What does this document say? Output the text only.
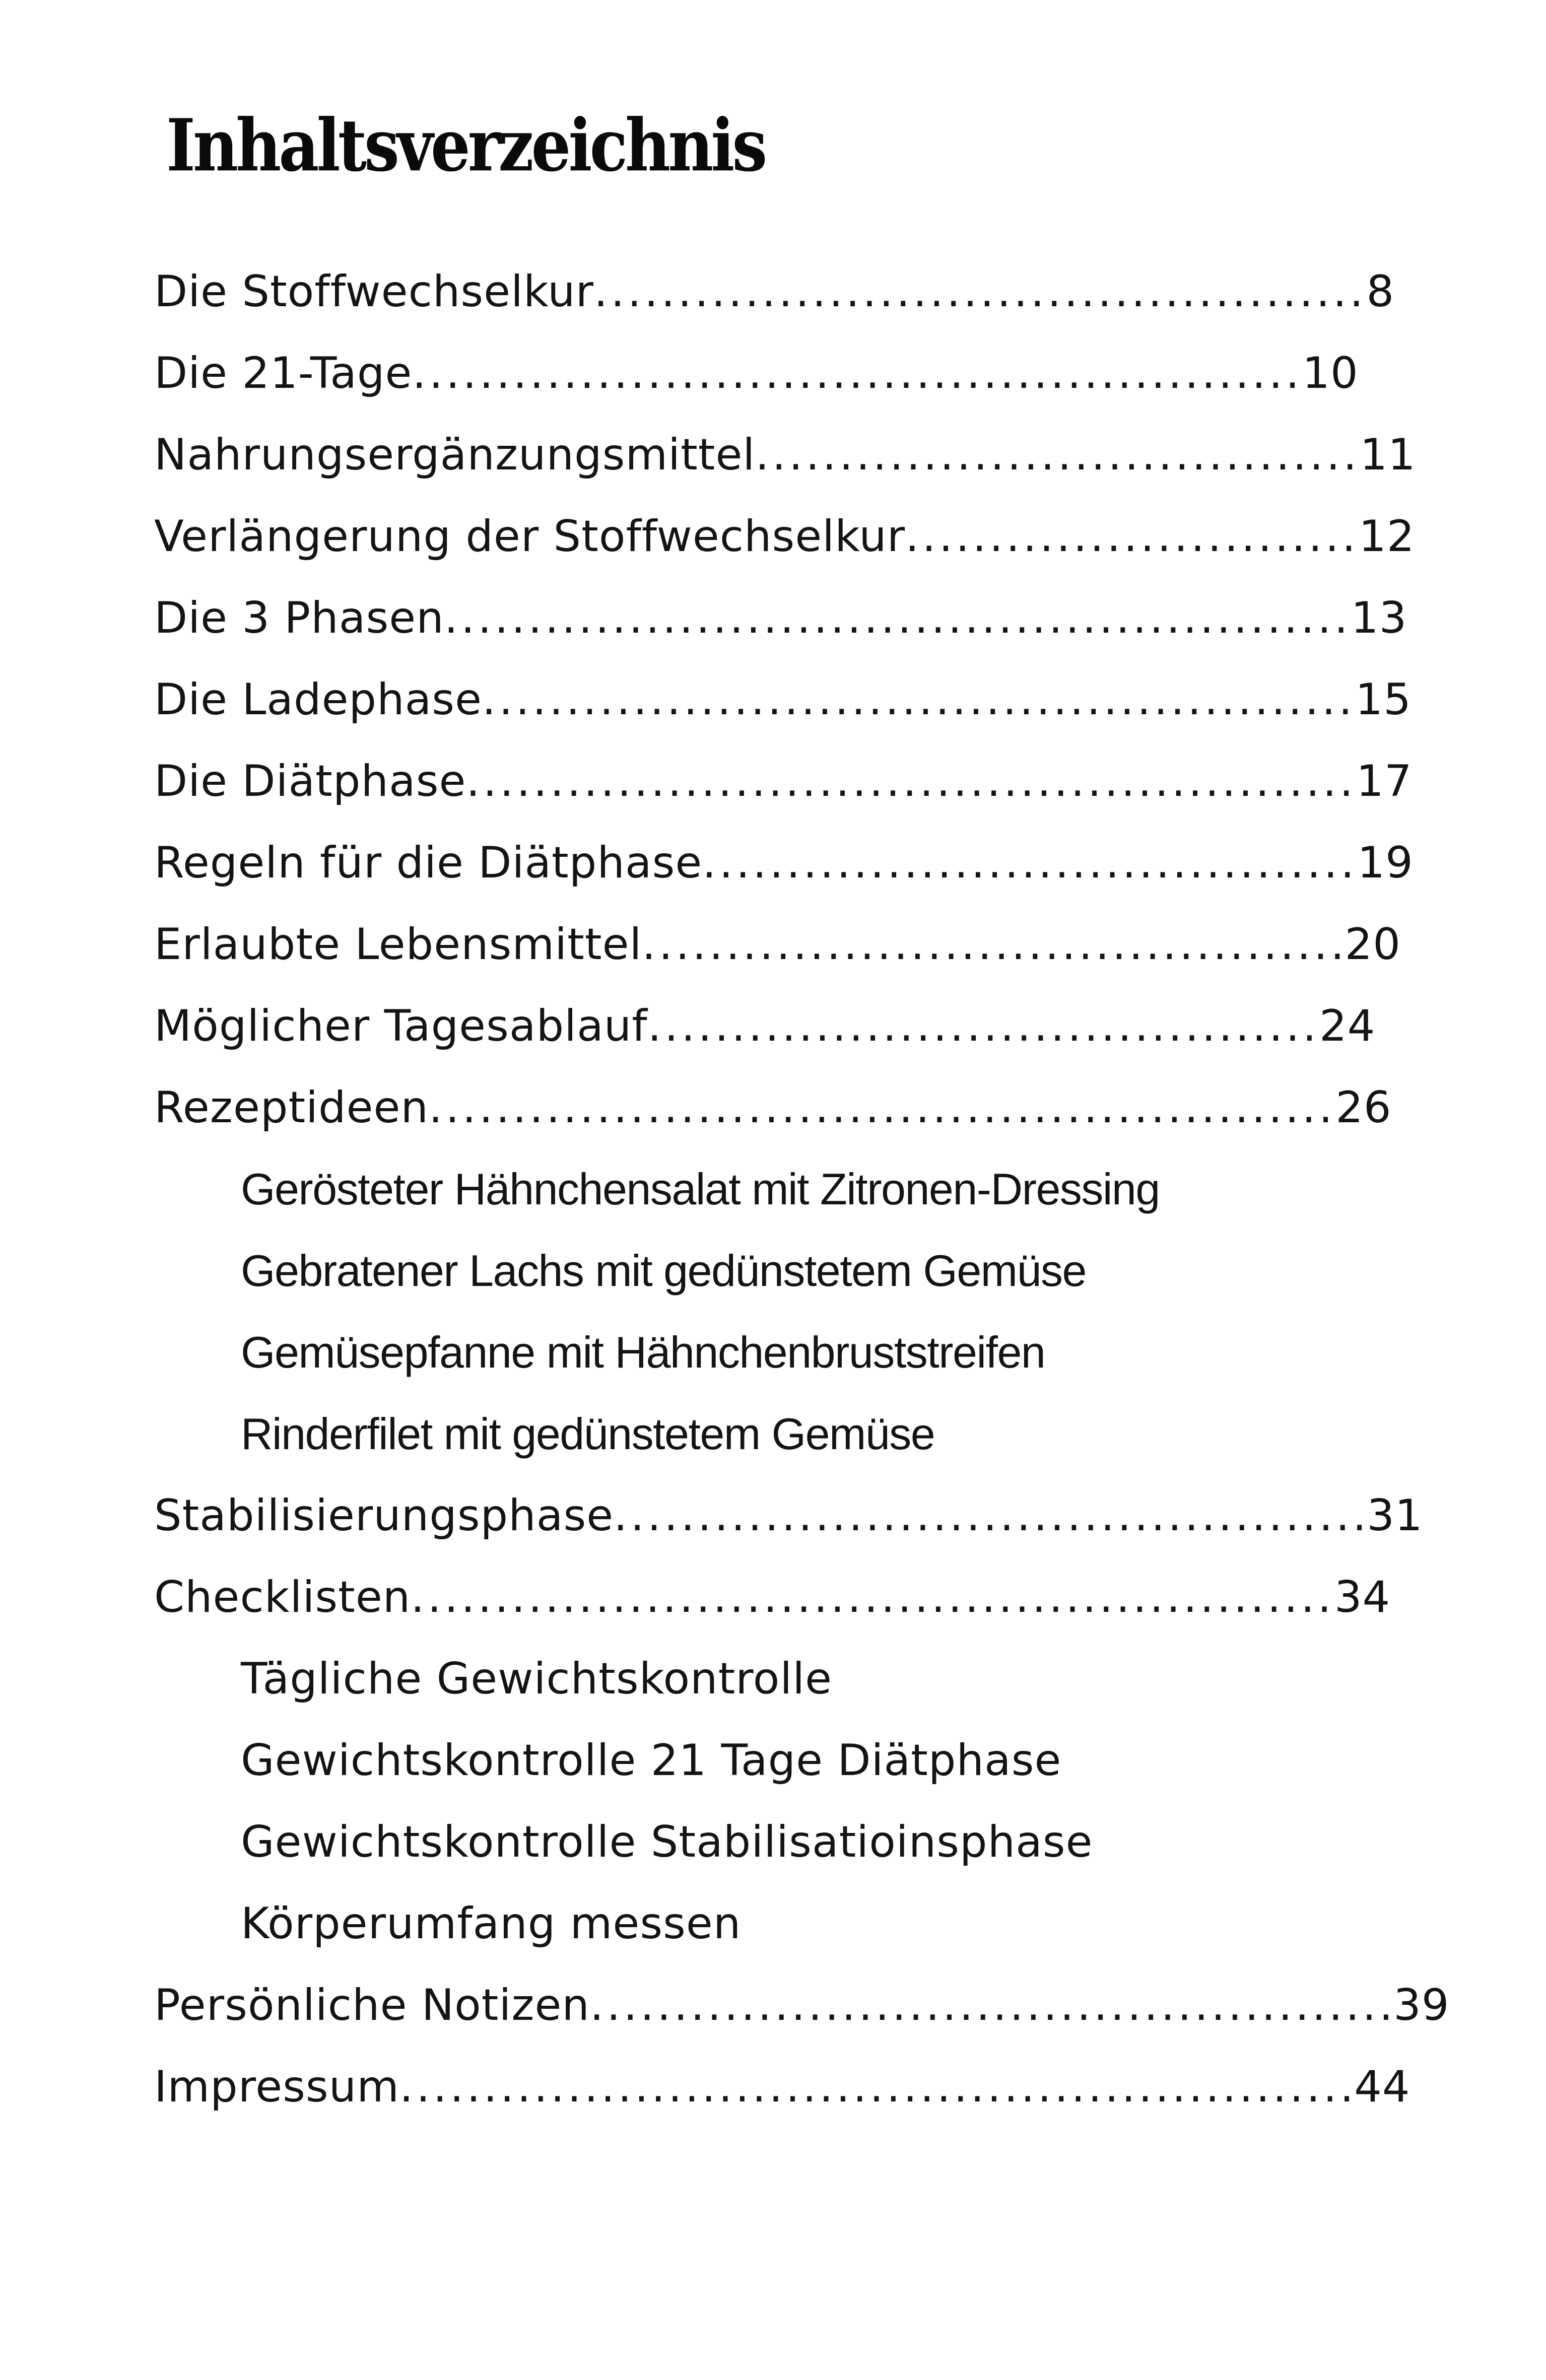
Inhaltsverzeichnis
Die Stoffwechselkur .............................................. 8
Die 21-Tage ..................................................... 10
Nahrungsergänzungsmittel .................................... 11
Verlängerung der Stoffwechselkur ........................... 12
Die 3 Phasen ...................................................... 13
Die Ladephase .................................................... 15
Die Diätphase ..................................................... 17
Regeln für die Diätphase ....................................... 19
Erlaubte Lebensmittel ......................................... .20
Möglicher Tagesablauf ........................................ 24
Rezeptideen ...................................................... 26
Gerösteter Hähnchensalat mit Zitronen-Dressing
Gebratener Lachs mit gedünstetem Gemüse
Gemüsepfanne mit Hähnchenbruststreifen
Rinderfilet mit gedünstetem Gemüse
Stabilisierungsphase ............................................ .31
Checklisten ....................................................... 34
Tägliche Gewichtskontrolle
Gewichtskontrolle 21 Tage Diätphase
Gewichtskontrolle Stabilisatioinsphase
Körperumfang messen
Persönliche Notizen ............................................... .39
Impressum ........................................................ .44
